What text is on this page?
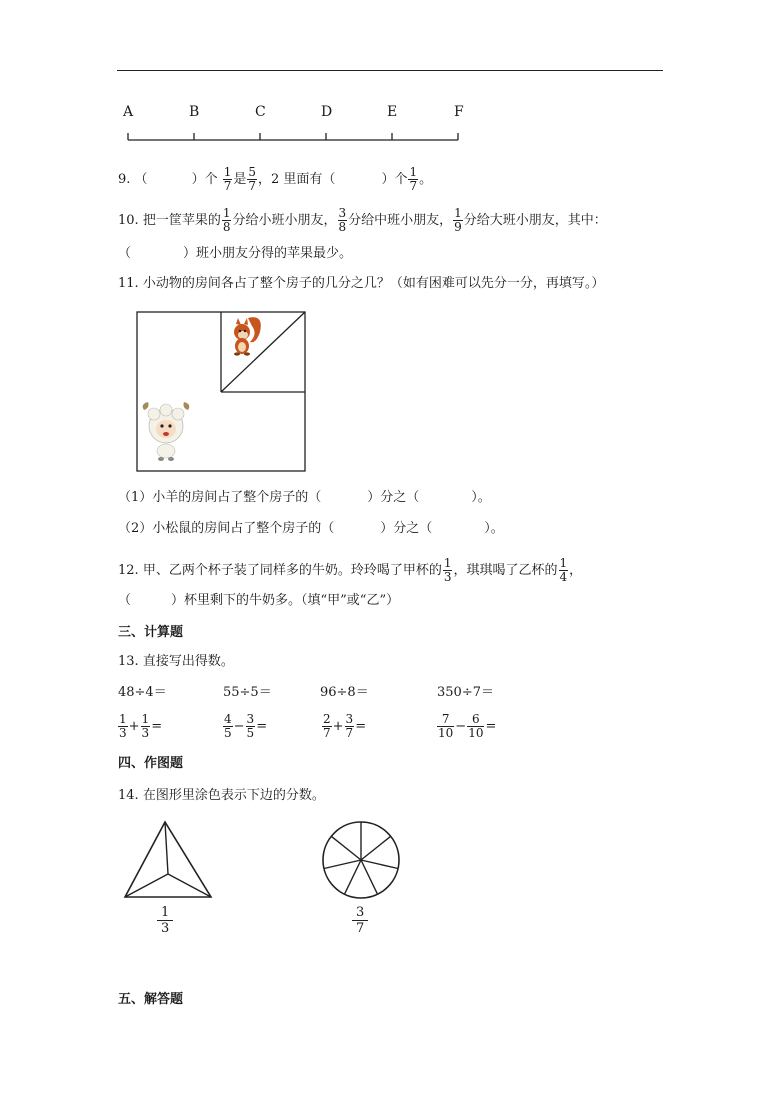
A	B	C	D	E	F
9. （	）个 $\frac{1}{7}$ 是 $\frac{5}{7}$ ，2 里面有（	）个 $\frac{1}{7}$ 。
10. 把一筐苹果的 $\frac{1}{8}$ 分给小班小朋友， $\frac{3}{8}$ 分给中班小朋友， $\frac{1}{9}$ 分给大班小朋友，其中：
（	）班小朋友分得的苹果最少。
11. 小动物的房间各占了整个房子的几分之几？（如有困难可以先分一分，再填写。）
（1）小羊的房间占了整个房子的（	）分之（	）。
（2）小松鼠的房间占了整个房子的（	）分之（	）。
12. 甲、乙两个杯子装了同样多的牛奶。玲玲喝了甲杯的 $\frac{1}{3}$ ，琪琪喝了乙杯的 $\frac{1}{4}$ ，
（	）杯里剩下的牛奶多。（填“甲”或“乙”）
三、计算题
13. 直接写出得数。
48÷4＝	55÷5＝	96÷8＝	350÷7＝
$\frac{1}{3} + \frac{1}{3}$ =	$\frac{4}{5} - \frac{3}{5}$ =	$\frac{2}{7} + \frac{3}{7}$ =	$\frac{7}{10} - \frac{6}{10}$ =
四、作图题
14. 在图形里涂色表示下边的分数。
$\frac{1}{3}$	$\frac{3}{7}$
五、解答题
